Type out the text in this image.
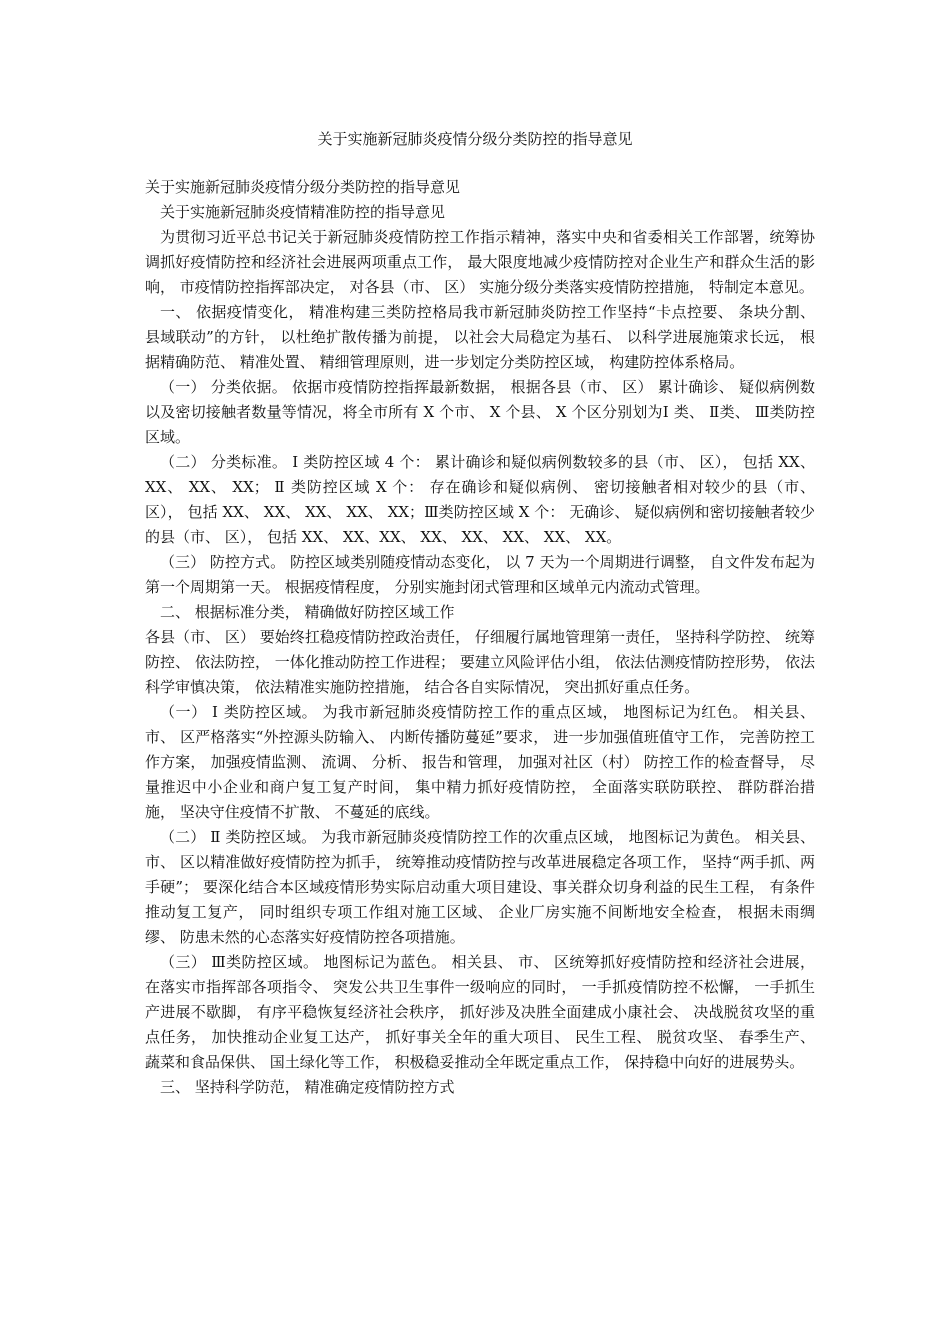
关于实施新冠肺炎疫情分级分类防控的指导意见

关于实施新冠肺炎疫情分级分类防控的指导意见

关于实施新冠肺炎疫情精准防控的指导意见

为贯彻习近平总书记关于新冠肺炎疫情防控工作指示精神，落实中央和省委相关工作部署，统筹协调抓好疫情防控和经济社会进展两项重点工作， 最大限度地减少疫情防控对企业生产和群众生活的影响， 市疫情防控指挥部决定， 对各县（市、 区） 实施分级分类落实疫情防控措施， 特制定本意见。

一、 依据疫情变化， 精准构建三类防控格局我市新冠肺炎防控工作坚持“卡点控要、 条块分割、 县域联动”的方针， 以杜绝扩散传播为前提， 以社会大局稳定为基石、 以科学进展施策求长远， 根据精确防范、 精准处置、 精细管理原则，进一步划定分类防控区域， 构建防控体系格局。

（一） 分类依据。 依据市疫情防控指挥最新数据， 根据各县（市、 区） 累计确诊、 疑似病例数以及密切接触者数量等情况，将全市所有 X 个市、 X 个县、 X 个区分别划为Ⅰ 类、 Ⅱ类、 Ⅲ类防控区域。

（二） 分类标准。 Ⅰ 类防控区域 4 个： 累计确诊和疑似病例数较多的县（市、 区）， 包括 XX、 XX、 XX、 XX； Ⅱ 类防控区域 X 个： 存在确诊和疑似病例、 密切接触者相对较少的县（市、区）， 包括 XX、 XX、 XX、 XX、 XX；Ⅲ类防控区域 X 个： 无确诊、 疑似病例和密切接触者较少的县（市、 区）， 包括 XX、 XX、XX、 XX、 XX、 XX、 XX、 XX。

（三） 防控方式。 防控区域类别随疫情动态变化， 以 7 天为一个周期进行调整， 自文件发布起为第一个周期第一天。 根据疫情程度， 分别实施封闭式管理和区域单元内流动式管理。

二、 根据标准分类， 精确做好防控区域工作

各县（市、 区） 要始终扛稳疫情防控政治责任， 仔细履行属地管理第一责任， 坚持科学防控、 统筹防控、 依法防控， 一体化推动防控工作进程； 要建立风险评估小组， 依法估测疫情防控形势， 依法科学审慎决策， 依法精准实施防控措施， 结合各自实际情况， 突出抓好重点任务。

（一） Ⅰ 类防控区域。 为我市新冠肺炎疫情防控工作的重点区域， 地图标记为红色。 相关县、 市、 区严格落实“外控源头防输入、 内断传播防蔓延”要求， 进一步加强值班值守工作， 完善防控工作方案， 加强疫情监测、 流调、 分析、 报告和管理， 加强对社区（村） 防控工作的检查督导， 尽量推迟中小企业和商户复工复产时间， 集中精力抓好疫情防控， 全面落实联防联控、 群防群治措施， 坚决守住疫情不扩散、 不蔓延的底线。

（二） Ⅱ 类防控区域。 为我市新冠肺炎疫情防控工作的次重点区域， 地图标记为黄色。 相关县、 市、 区以精准做好疫情防控为抓手， 统筹推动疫情防控与改革进展稳定各项工作， 坚持“两手抓、两手硬”； 要深化结合本区域疫情形势实际启动重大项目建设、事关群众切身利益的民生工程， 有条件推动复工复产， 同时组织专项工作组对施工区域、 企业厂房实施不间断地安全检查， 根据未雨绸缪、 防患未然的心态落实好疫情防控各项措施。

（三） Ⅲ类防控区域。 地图标记为蓝色。 相关县、 市、 区统筹抓好疫情防控和经济社会进展， 在落实市指挥部各项指令、 突发公共卫生事件一级响应的同时， 一手抓疫情防控不松懈， 一手抓生产进展不歇脚， 有序平稳恢复经济社会秩序， 抓好涉及决胜全面建成小康社会、 决战脱贫攻坚的重点任务， 加快推动企业复工达产， 抓好事关全年的重大项目、 民生工程、 脱贫攻坚、 春季生产、 蔬菜和食品保供、 国土绿化等工作， 积极稳妥推动全年既定重点工作， 保持稳中向好的进展势头。

三、 坚持科学防范， 精准确定疫情防控方式
